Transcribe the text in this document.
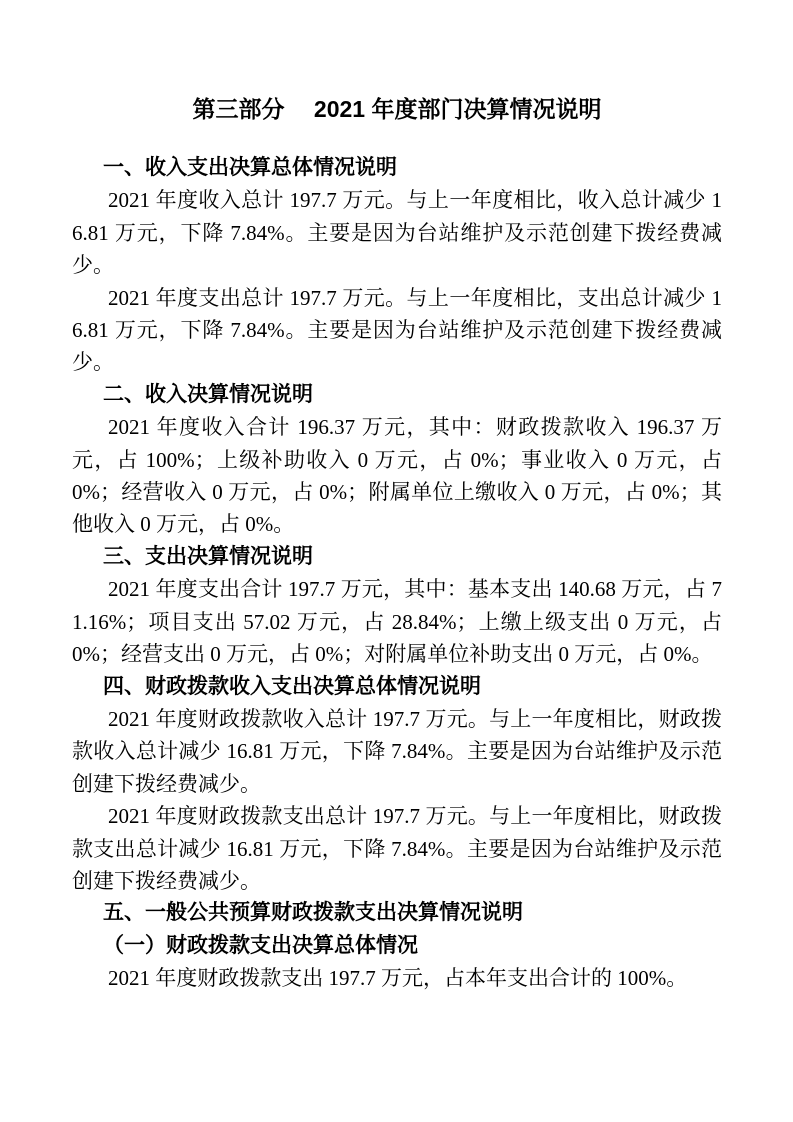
第三部分　 2021 年度部门决算情况说明
一、收入支出决算总体情况说明

2021 年度收入总计 197.7 万元。与上一年度相比，收入总计减少 16.81 万元，下降 7.84%。主要是因为台站维护及示范创建下拨经费减少。

2021 年度支出总计 197.7 万元。与上一年度相比，支出总计减少 16.81 万元，下降 7.84%。主要是因为台站维护及示范创建下拨经费减少。

二、收入决算情况说明

2021 年度收入合计 196.37 万元，其中：财政拨款收入 196.37 万元，占 100%；上级补助收入 0 万元，占 0%；事业收入 0 万元，占 0%；经营收入 0 万元，占 0%；附属单位上缴收入 0 万元，占 0%；其他收入 0 万元，占 0%。

三、支出决算情况说明

2021 年度支出合计 197.7 万元，其中：基本支出 140.68 万元，占 71.16%；项目支出 57.02 万元，占 28.84%；上缴上级支出 0 万元，占 0%；经营支出 0 万元，占 0%；对附属单位补助支出 0 万元，占 0%。

四、财政拨款收入支出决算总体情况说明

2021 年度财政拨款收入总计 197.7 万元。与上一年度相比，财政拨款收入总计减少 16.81 万元，下降 7.84%。主要是因为台站维护及示范创建下拨经费减少。

2021 年度财政拨款支出总计 197.7 万元。与上一年度相比，财政拨款支出总计减少 16.81 万元，下降 7.84%。主要是因为台站维护及示范创建下拨经费减少。

五、一般公共预算财政拨款支出决算情况说明
（一）财政拨款支出决算总体情况

2021 年度财政拨款支出 197.7 万元，占本年支出合计的 100%。
